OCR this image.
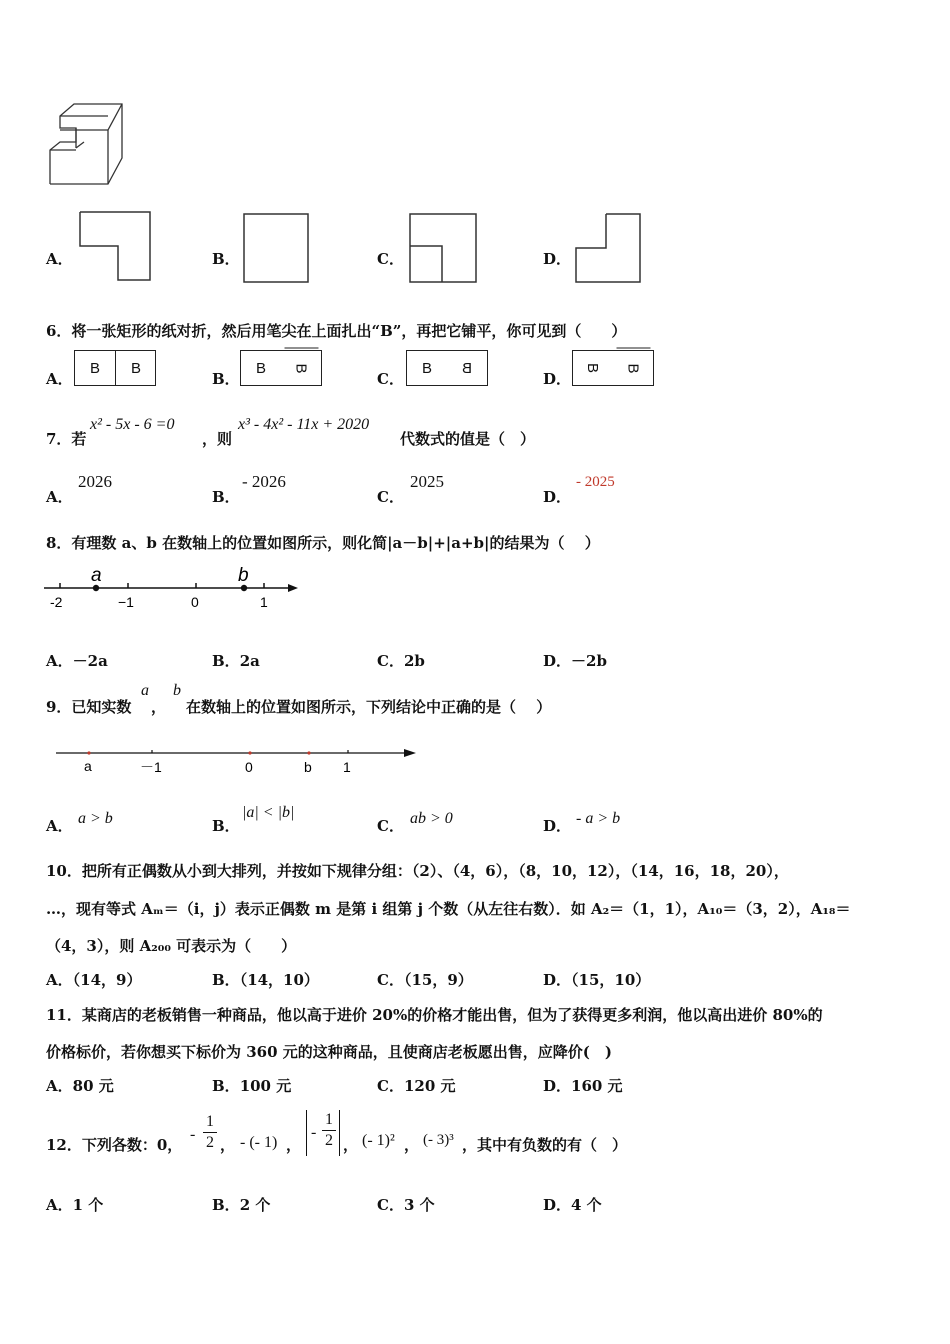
A．	B．	C．	D．
6．将一张矩形的纸对折，然后用笔尖在上面扎出“B”，再把它铺平，你可见到（　　）
A．
B	B
B．
B	B
C．
B	B
D．
B	B
7．若
x² - 5x - 6 =0
，则
x³ - 4x² - 11x + 2020
代数式的值是（　）
A．
2026
B．
- 2026
C．
2025
D．
- 2025
8．有理数 a、b 在数轴上的位置如图所示，则化简|a－b|+|a+b|的结果为（　 ）
a	b
-2	−1	0	1
A．－2a	B．2a	C．2b	D．－2b
9．已知实数
a
，
b
在数轴上的位置如图所示，下列结论中正确的是（　 ）
a	－1	0	b 1
A． a > b	B．
|a| < |b|
C． ab > 0	D． - a > b
10．把所有正偶数从小到大排列，并按如下规律分组：（2）、（4，6），（8，10，12），（14，16，18，20），
…，现有等式 Aₘ＝（i，j）表示正偶数 m 是第 i 组第 j 个数（从左往右数）．如 A₂＝（1，1），A₁₀＝（3，2），A₁₈＝
（4，3），则 A₂₀₀ 可表示为（　　）
A．（14，9）	B．（14，10）	C．（15，9）	D．（15，10）
11．某商店的老板销售一种商品，他以高于进价 20%的价格才能出售，但为了获得更多利润，他以高出进价 80%的
价格标价，若你想买下标价为 360 元的这种商品，且使商店老板愿出售，应降价(　)
A．80 元	B．100 元	C．120 元	D．160 元
12．下列各数：0，
- $\frac{1}{2}$ ， - (- 1) ，
- $\frac{1}{2}$ ， (- 1)² ， (- 3)³ ，其中有负数的有（　）
A．1 个	B．2 个	C．3 个	D．4 个
